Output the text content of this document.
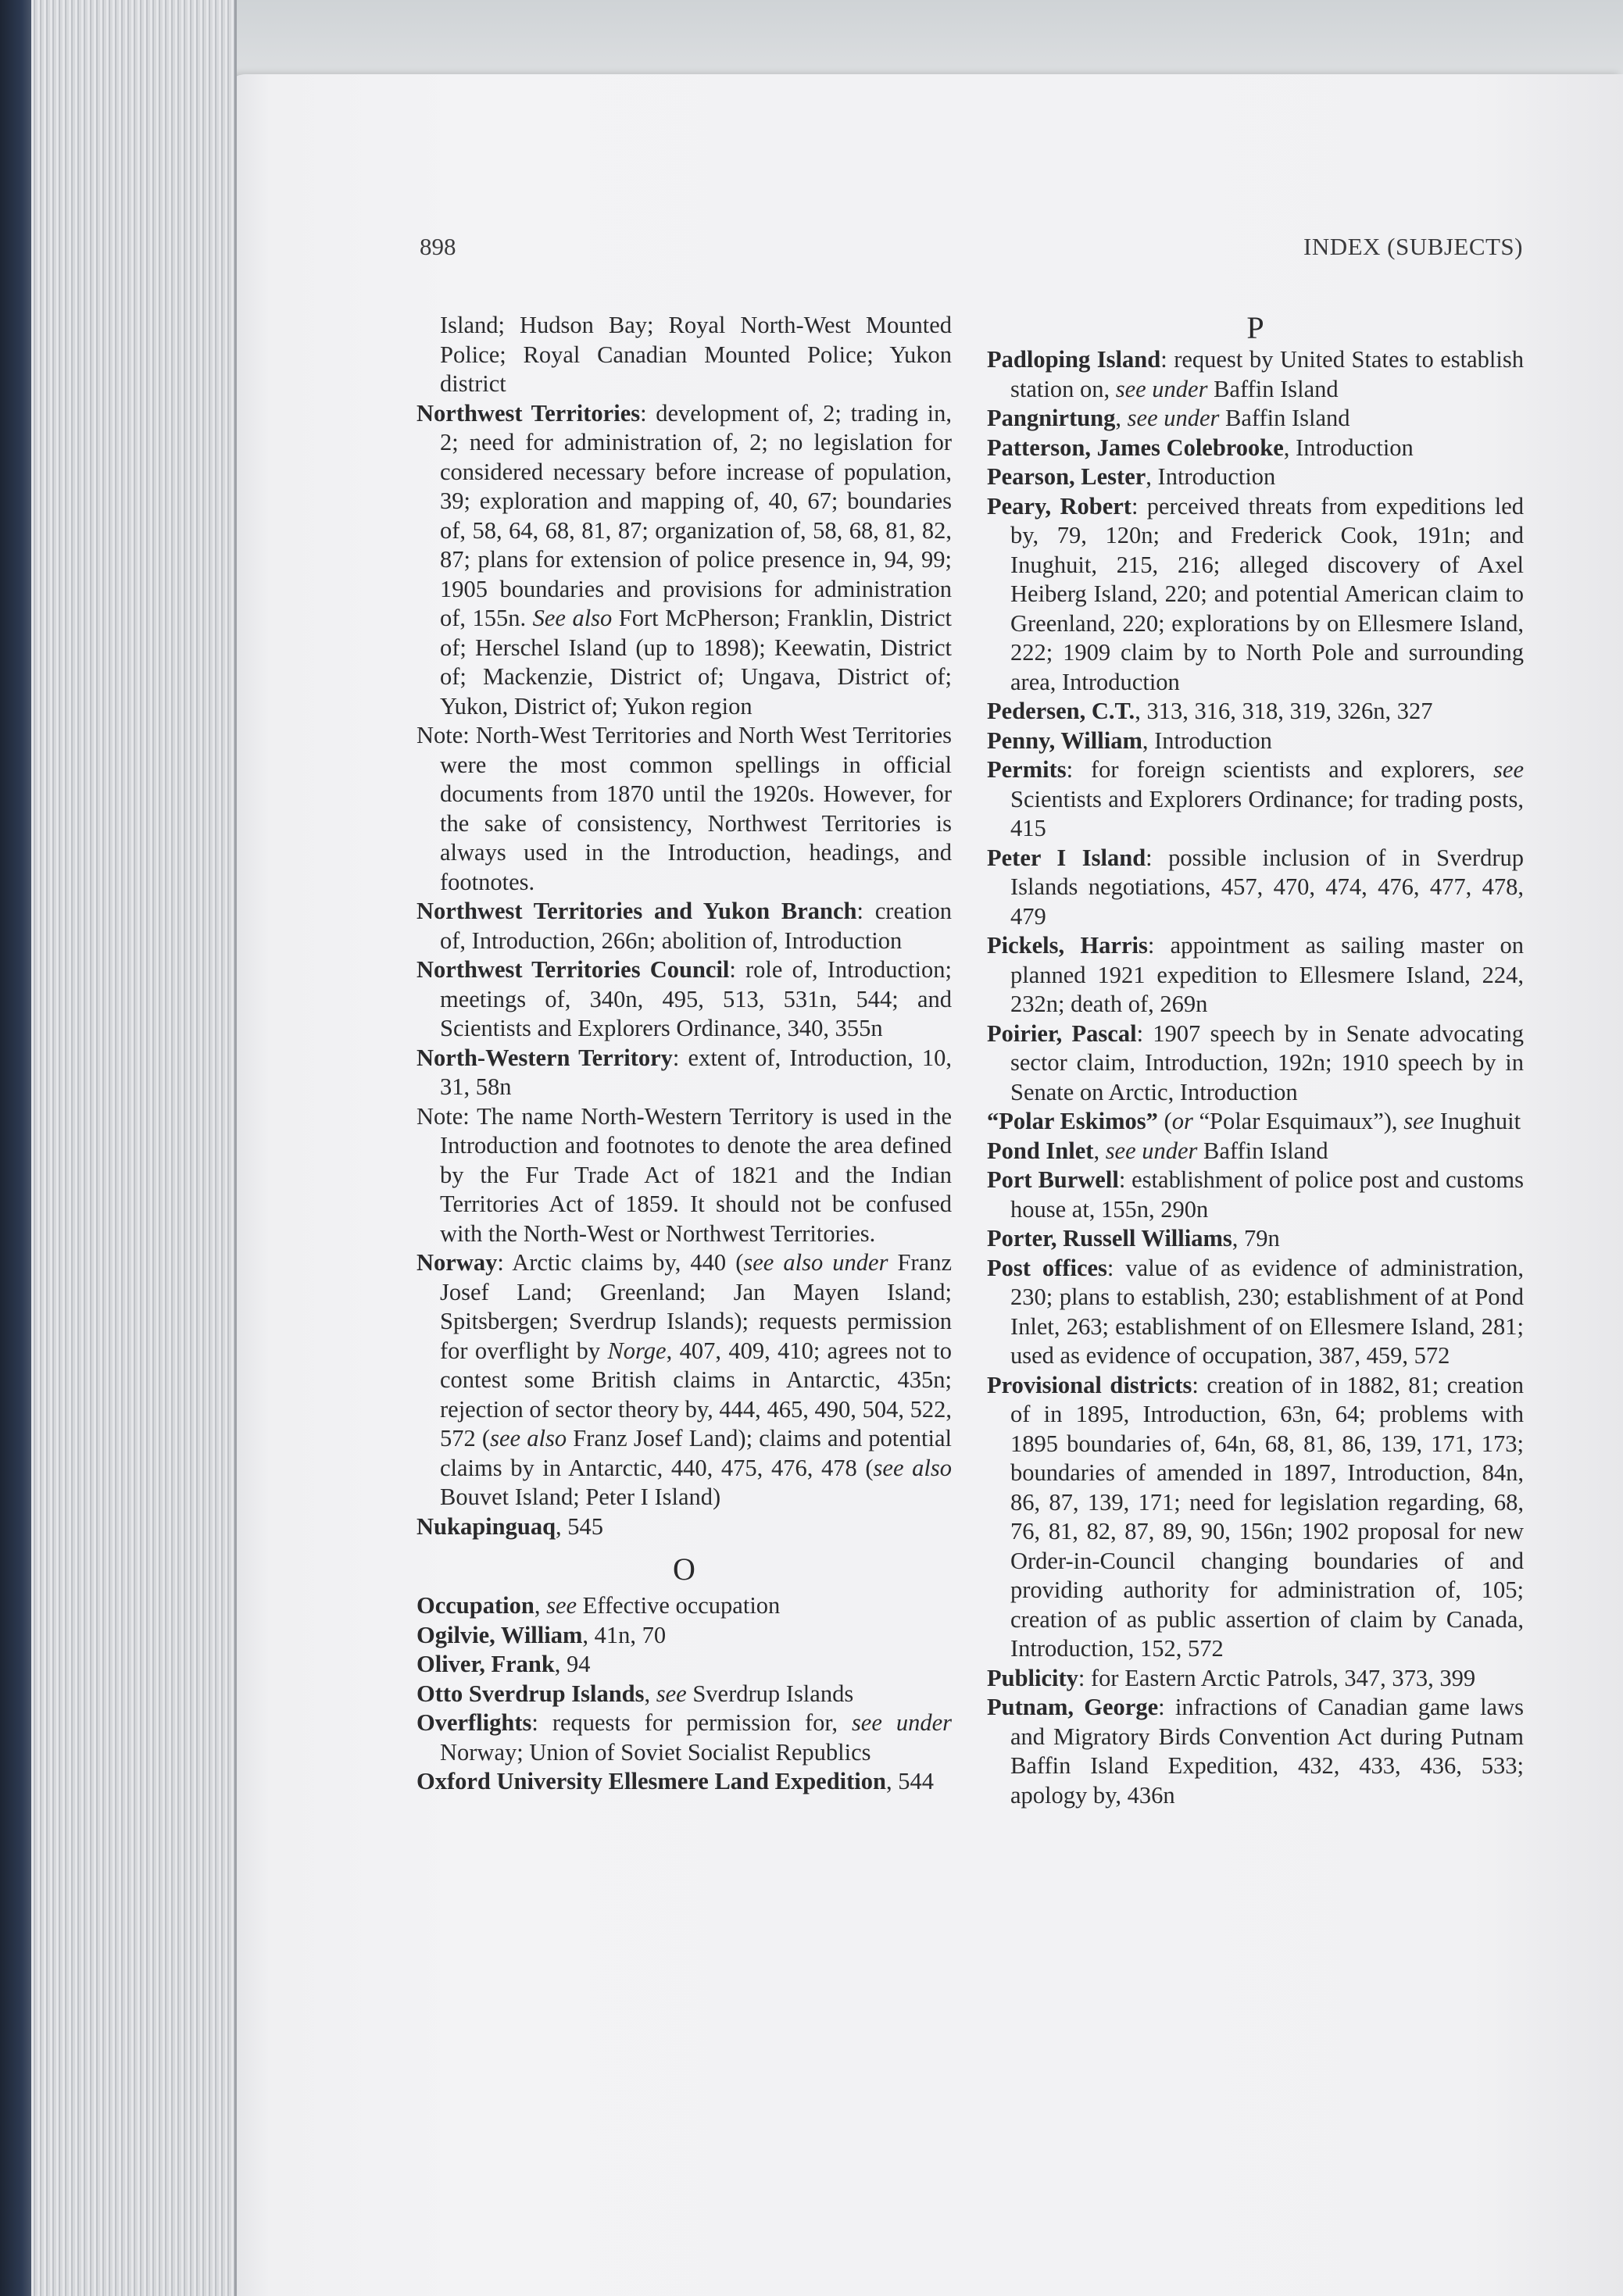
898	INDEX (SUBJECTS)

Island; Hudson Bay; Royal North-West Mounted Police; Royal Canadian Mounted Police; Yukon district

Northwest Territories: development of, 2; trading in, 2; need for administration of, 2; no legislation for considered necessary before increase of population, 39; exploration and mapping of, 40, 67; boundaries of, 58, 64, 68, 81, 87; organization of, 58, 68, 81, 82, 87; plans for extension of police presence in, 94, 99; 1905 boundaries and provisions for administration of, 155n. See also Fort McPherson; Franklin, District of; Herschel Island (up to 1898); Keewatin, District of; Mackenzie, District of; Ungava, District of; Yukon, District of; Yukon region

Note: North-West Territories and North West Territories were the most common spellings in official documents from 1870 until the 1920s. However, for the sake of consistency, Northwest Territories is always used in the Introduction, headings, and footnotes.

Northwest Territories and Yukon Branch: creation of, Introduction, 266n; abolition of, Introduction

Northwest Territories Council: role of, Introduction; meetings of, 340n, 495, 513, 531n, 544; and Scientists and Explorers Ordinance, 340, 355n

North-Western Territory: extent of, Introduction, 10, 31, 58n

Note: The name North-Western Territory is used in the Introduction and footnotes to denote the area defined by the Fur Trade Act of 1821 and the Indian Territories Act of 1859. It should not be confused with the North-West or Northwest Territories.

Norway: Arctic claims by, 440 (see also under Franz Josef Land; Greenland; Jan Mayen Island; Spitsbergen; Sverdrup Islands); requests permission for overflight by Norge, 407, 409, 410; agrees not to contest some British claims in Antarctic, 435n; rejection of sector theory by, 444, 465, 490, 504, 522, 572 (see also Franz Josef Land); claims and potential claims by in Antarctic, 440, 475, 476, 478 (see also Bouvet Island; Peter I Island)

Nukapinguaq, 545

O

Occupation, see Effective occupation

Ogilvie, William, 41n, 70

Oliver, Frank, 94

Otto Sverdrup Islands, see Sverdrup Islands

Overflights: requests for permission for, see under Norway; Union of Soviet Socialist Republics

Oxford University Ellesmere Land Expedition, 544

P

Padloping Island: request by United States to establish station on, see under Baffin Island

Pangnirtung, see under Baffin Island

Patterson, James Colebrooke, Introduction

Pearson, Lester, Introduction

Peary, Robert: perceived threats from expeditions led by, 79, 120n; and Frederick Cook, 191n; and Inughuit, 215, 216; alleged discovery of Axel Heiberg Island, 220; and potential American claim to Greenland, 220; explorations by on Ellesmere Island, 222; 1909 claim by to North Pole and surrounding area, Introduction

Pedersen, C.T., 313, 316, 318, 319, 326n, 327

Penny, William, Introduction

Permits: for foreign scientists and explorers, see Scientists and Explorers Ordinance; for trading posts, 415

Peter I Island: possible inclusion of in Sverdrup Islands negotiations, 457, 470, 474, 476, 477, 478, 479

Pickels, Harris: appointment as sailing master on planned 1921 expedition to Ellesmere Island, 224, 232n; death of, 269n

Poirier, Pascal: 1907 speech by in Senate advocating sector claim, Introduction, 192n; 1910 speech by in Senate on Arctic, Introduction

“Polar Eskimos” (or “Polar Esquimaux”), see Inughuit

Pond Inlet, see under Baffin Island

Port Burwell: establishment of police post and customs house at, 155n, 290n

Porter, Russell Williams, 79n

Post offices: value of as evidence of administration, 230; plans to establish, 230; establishment of at Pond Inlet, 263; establishment of on Ellesmere Island, 281; used as evidence of occupation, 387, 459, 572

Provisional districts: creation of in 1882, 81; creation of in 1895, Introduction, 63n, 64; problems with 1895 boundaries of, 64n, 68, 81, 86, 139, 171, 173; boundaries of amended in 1897, Introduction, 84n, 86, 87, 139, 171; need for legislation regarding, 68, 76, 81, 82, 87, 89, 90, 156n; 1902 proposal for new Order-in-Council changing boundaries of and providing authority for administration of, 105; creation of as public assertion of claim by Canada, Introduction, 152, 572

Publicity: for Eastern Arctic Patrols, 347, 373, 399

Putnam, George: infractions of Canadian game laws and Migratory Birds Convention Act during Putnam Baffin Island Expedition, 432, 433, 436, 533; apology by, 436n
